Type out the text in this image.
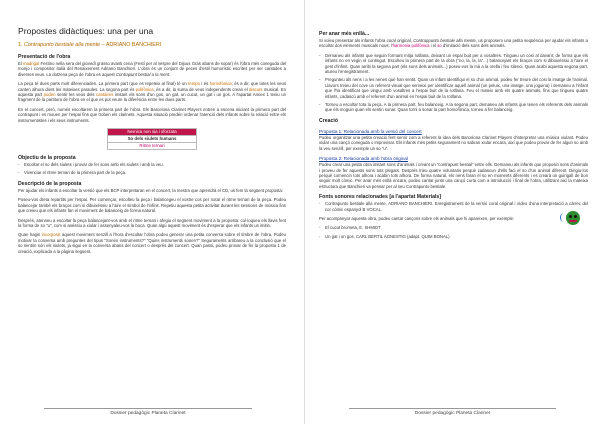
Propostes didàctiques: una per una
1. Contrapunto bestiale alla mente – ADRIANO BANCHIERI
Presentació de l'obra

El madrigal Festino nella sera del giovedì grasso avanti cena (Festí per al vespre del Dijous Gras abans de sopar) és l'obra més coneguda del monjo i compositor italià del Renaixement Adriano Banchieri. L'obra és un conjunt de peces d'estil humorístic escrites per ser cantades a diverses veus. La dotzena peça de l'obra es aquest Contrapunt bestial a la ment.

La peça té dues parts molt diferenciades. La primera part (que es repeteix al final) té un tempo i és homofònica; és a dir, que totes les veus canten alhora dient les mateixes paraules. La segona part és polifònica, és a dir, la suma de veus independents crean el discurs musical. En aquesta part poden sentir les veus dels cantaires imitant els sons d'un gos, un gat, un cucut, un gat i un gos. A l'apartat Annex 1 teniu un fragment de la partitura de l'obra en el que es pot veure la diferència entre les dues parts.

En el concert, però, només escoltarem la primera part de l'obra. Els Barcelona Clarinet Players entren a escena iniciant la primera part del contrapunt i es mouen per l'espai fins que troben els clarinets. Aquesta situació predén ordenar l'atenció dels infants sobre la relació entre els instrumentistes i els seus instruments.

Nemica non sia i sforzata
So dels siulets humans
Ritme ternari
Objectiu de la proposta
- Escoltar el so dels siulets i provar de fer sons amb els siulets i amb la veu.
- Vivenciar el ritme ternari de la primera part de la peça.
Descripció de la proposta

Per ajudar els infants a escoltar la versió que els BCP interpretaran en el concert, la mestra que aprendrà el CD, us fem la següent proposta:

Poseu-vos dreta repartits per l'espai. Per començar, escolteu la peça i balancegeu el vostre cos per notar el ritme ternari de la peça. Podeu balancejar també els braços com si dibuixéssiu a l'aire el símbol de l'infinit. Repetiu aquesta petita activitat durant les sessions de música fins que creieu que els infants fan el moviment de balanceig de forma natural.

Després, atenneu a escoltar la peça balancejant-vos amb el ritme ternari i afegiu el següent moviment a la proposta: col·loqueu els llavis fent la forma de so "u", com si anéssiu a xiular i assenyaleu-vos la boca. Quan algú aquest moviment és d'esperar que els infants us imitin.

Quan hagin incorporat aquest moviment senzill a l'hora d'escoltar l'obra podeu generar una petita conversa sobre el timbre de l'obra. Podeu motivar la conversa amb preguntes del tipus "Sonen instruments?" "Quins instruments sonen?" Seguraments arribareu a la conclusió que el so sentim són els siulets, ja sigui en la conversa abans del concert o després del concert. Quan passi, podeu provar de fer la proposta 1 de creació, explicada a la pàgina següent.

Dossier pedagògic Planeta Clarinet
Per anar més enllà...

Si voleu presentar als infants l'obra coral original, Contrappunto bestiale alla mente, us proposem una petita seqüència per ajudar els infants a escoltar dos elements musicals nous: l'harmonia polifònica i el so d'imitació dels sons dels animals.

- Demaneu als infants que seguin formant mitja rotllana, deixant un espai buit per a vosaltres. Tingueu un cosi al davant; de forma que els infants no en vegin el contingut. Escolteu la primera part de la obra ("no, la, la, la"...) balancejant els braços com si dibuixéssiu a l'aire el gest d'infinit. Quan arribi la segona part (els sons dels animals...) poseu-vos la mà a la orella i feu silenci. Quan acabi aquesta segona part, atureu l'enregistrament.
- Pregunteu als nens i a les nenes què han sentit. Quan un infant identifiqui el so d'un animal, podeu fer treure del cosi la imatge de l'animal. Llavors treieu del cove un referent visual que serveixi per identificar aquell animal (un peluix, una imatge, una joguina) i demaneu a l'infant que l'ha identificat que vingui amb vosaltres a l'espai buit de la rotllana. Feu el mateix amb els quatre animals, fins que tingueu quatre infants, cadascú amb el referent d'un animal en l'espai buit de la rotllana.
- Torneu a escoltar tota la peça. A la primera part, feu balanceig. A la segona part, demaneu als infants que tenen els referents dels animals que els moguin quan els sentin sonar. Quan torni a sonar la part homofònica, torneu a fer balanceig.
Creació
Proposta 1: Relacionada amb la versió del concert

Podeu organitzar una petita creació fent servir com a referent la idea dels Barcelona Clarinet Players d'interpretar una música xiulant. Podeu xiular una cançó coneguda o improvisar. Els infants més petits segurament no sabran xiular encara, així que podeu provar de fer algun so amb la veu senzill, per exemple un so "u".

Proposta 2: Relacionada amb l'obra original

Podeu crear una petita obra imitant sons d'animals i creant un "contrapunt bestial" entre ells. Demaneu als infants que proposin sons d'animals i proveu de fer aquests sons tots plegats. Després trieu quatre voluntaris perquè cadascun d'ells faci el so d'un animal diferent. Dirigiu-los perquè comencin tots alhora i acabin tots alhora. De forma natural, els nens faran el so en moments diferents i es crearà un guirigall de bon seguir molt còmic. Per anar més enllà encara, podeu cantar junts una cançó curta com a introducció i final de l'obra, utilitzant així la mateixa estructura que Banchieri va pensar per al seu Contrapunto bestiale.

Fonts sonores relacionades [a l'apartat Materials]
- Contrapunto bestiale alla mente, ADRIANO BANCHIERI. Enregistrament de la versió coral original i vídeo d'una interpretació a càrrec del cor còmic espanyol B VOCAL.

Per acompanyar aquesta obra, podeu cantar cançons sobre els animals que hi apareixen, per exemple:

- El cucut brometa, E. SHMIDT
- Un gat i un gos, CARL BERTIL AGNESTIG (adapt. QUIM BONAL)
Dossier pedagògic Planeta Clarinet
